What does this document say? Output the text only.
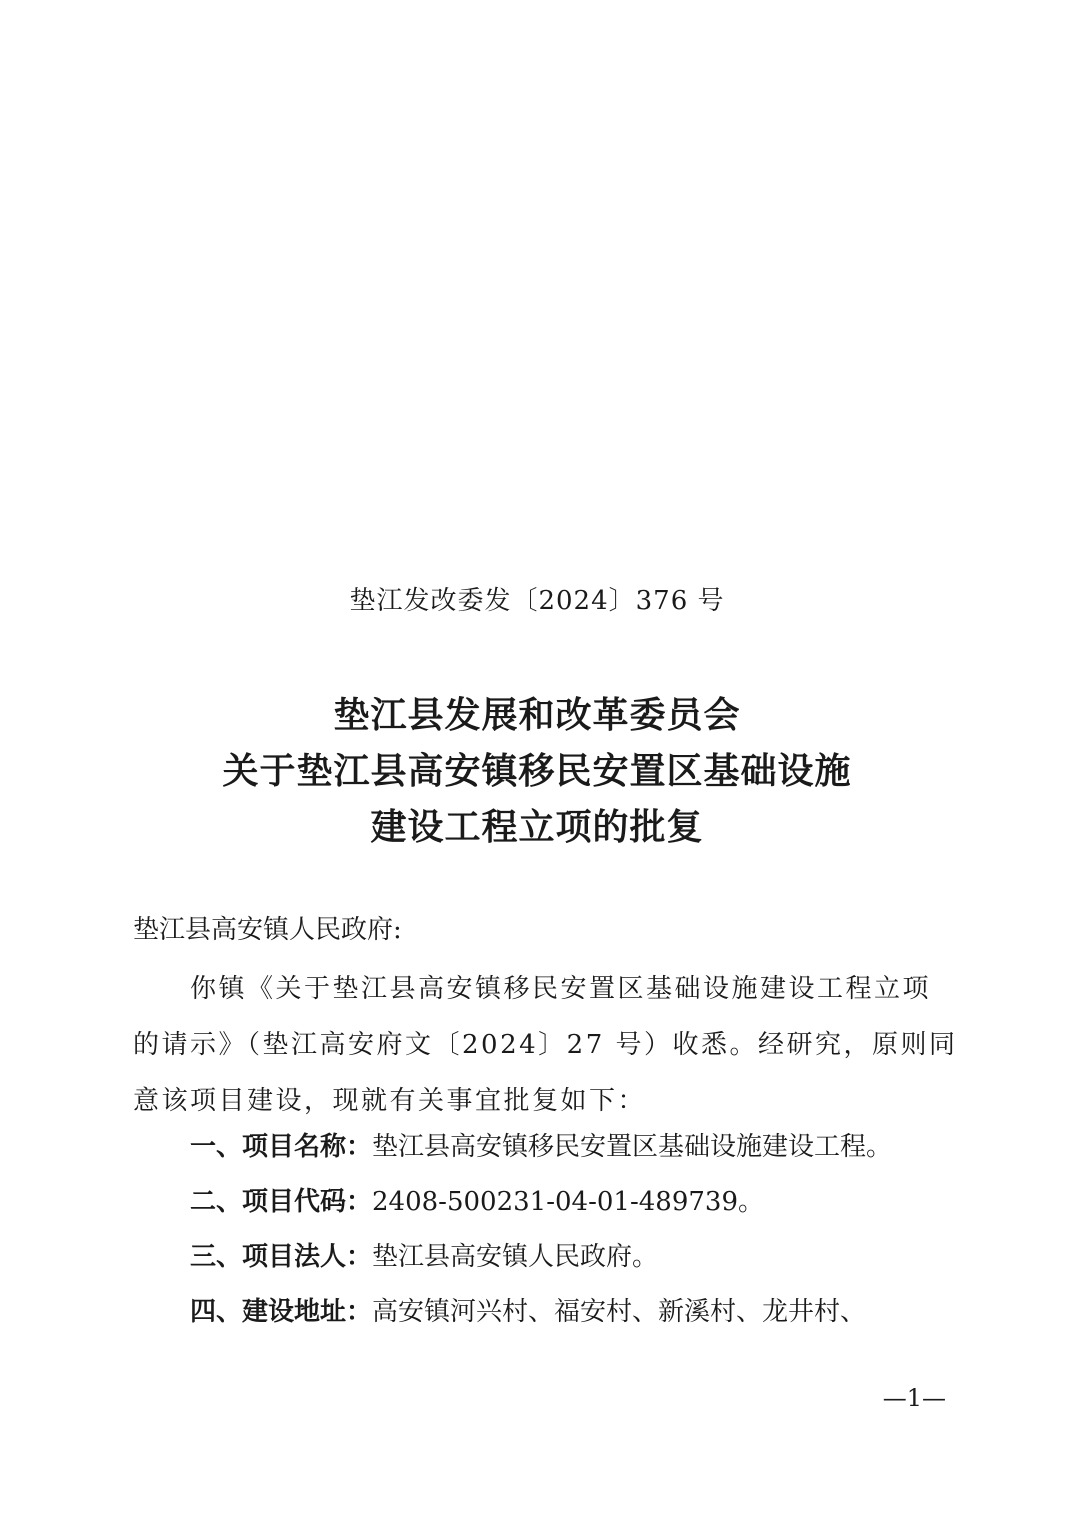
垫江发改委发〔2024〕376 号
垫江县发展和改革委员会
关于垫江县高安镇移民安置区基础设施
建设工程立项的批复
垫江县高安镇人民政府:
你镇《关于垫江县高安镇移民安置区基础设施建设工程立项
的请示》（垫江高安府文〔2024〕27 号）收悉。经研究，原则同
意该项目建设，现就有关事宜批复如下：
一、项目名称：垫江县高安镇移民安置区基础设施建设工程。
二、项目代码：2408-500231-04-01-489739。
三、项目法人：垫江县高安镇人民政府。
四、建设地址：高安镇河兴村、福安村、新溪村、龙井村、
—1—
